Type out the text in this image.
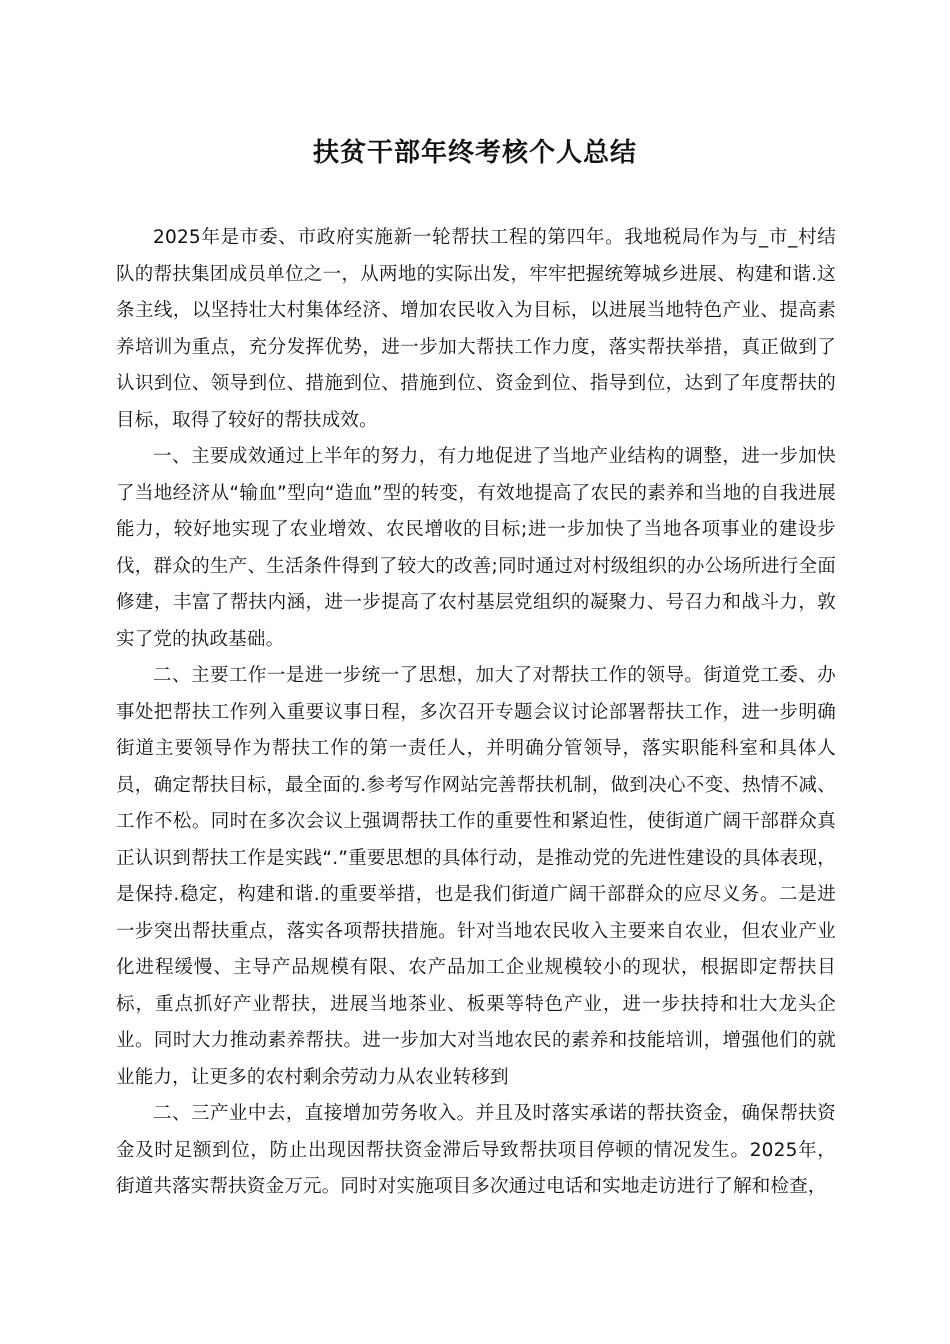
扶贫干部年终考核个人总结

2025年是市委、市政府实施新一轮帮扶工程的第四年。我地税局作为与_市_村结队的帮扶集团成员单位之一，从两地的实际出发，牢牢把握统筹城乡进展、构建和谐.这条主线，以坚持壮大村集体经济、增加农民收入为目标，以进展当地特色产业、提高素养培训为重点，充分发挥优势，进一步加大帮扶工作力度，落实帮扶举措，真正做到了认识到位、领导到位、措施到位、措施到位、资金到位、指导到位，达到了年度帮扶的目标，取得了较好的帮扶成效。

一、主要成效通过上半年的努力，有力地促进了当地产业结构的调整，进一步加快了当地经济从“输血”型向“造血”型的转变，有效地提高了农民的素养和当地的自我进展能力，较好地实现了农业增效、农民增收的目标;进一步加快了当地各项事业的建设步伐，群众的生产、生活条件得到了较大的改善;同时通过对村级组织的办公场所进行全面修建，丰富了帮扶内涵，进一步提高了农村基层党组织的凝聚力、号召力和战斗力，敦实了党的执政基础。

二、主要工作一是进一步统一了思想，加大了对帮扶工作的领导。街道党工委、办事处把帮扶工作列入重要议事日程，多次召开专题会议讨论部署帮扶工作，进一步明确街道主要领导作为帮扶工作的第一责任人，并明确分管领导，落实职能科室和具体人员，确定帮扶目标，最全面的.参考写作网站完善帮扶机制，做到决心不变、热情不减、工作不松。同时在多次会议上强调帮扶工作的重要性和紧迫性，使街道广阔干部群众真正认识到帮扶工作是实践“.”重要思想的具体行动，是推动党的先进性建设的具体表现，是保持.稳定，构建和谐.的重要举措，也是我们街道广阔干部群众的应尽义务。二是进一步突出帮扶重点，落实各项帮扶措施。针对当地农民收入主要来自农业，但农业产业化进程缓慢、主导产品规模有限、农产品加工企业规模较小的现状，根据即定帮扶目标，重点抓好产业帮扶，进展当地茶业、板栗等特色产业，进一步扶持和壮大龙头企业。同时大力推动素养帮扶。进一步加大对当地农民的素养和技能培训，增强他们的就业能力，让更多的农村剩余劳动力从农业转移到

二、三产业中去，直接增加劳务收入。并且及时落实承诺的帮扶资金，确保帮扶资金及时足额到位，防止出现因帮扶资金滞后导致帮扶项目停顿的情况发生。2025年，街道共落实帮扶资金万元。同时对实施项目多次通过电话和实地走访进行了解和检查，
